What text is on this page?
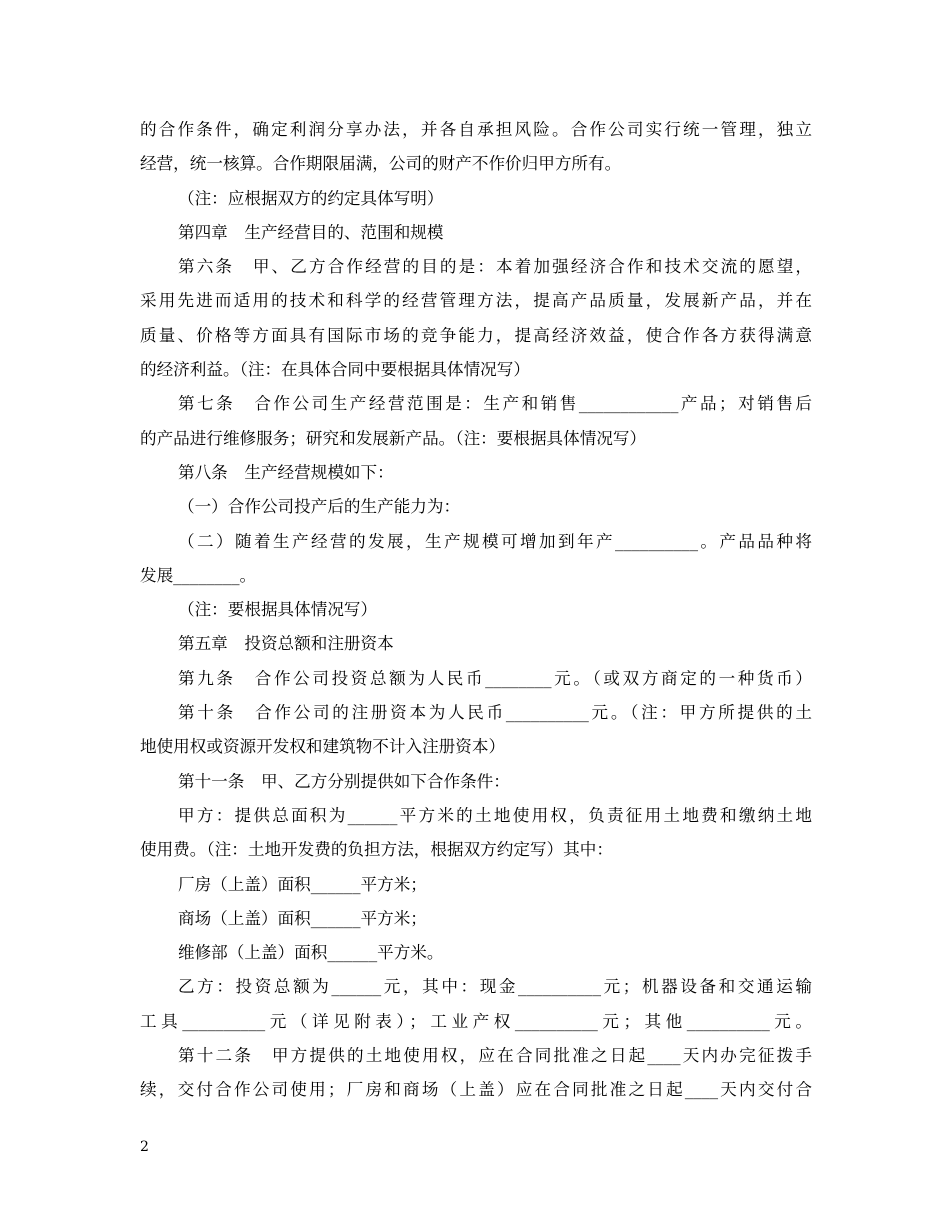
的合作条件，确定利润分享办法，并各自承担风险。合作公司实行统一管理，独立
经营，统一核算。合作期限届满，公司的财产不作价归甲方所有。
（注：应根据双方的约定具体写明）
第四章　生产经营目的、范围和规模
第六条　甲、乙方合作经营的目的是：本着加强经济合作和技术交流的愿望，
采用先进而适用的技术和科学的经营管理方法，提高产品质量，发展新产品，并在
质量、价格等方面具有国际市场的竞争能力，提高经济效益，使合作各方获得满意
的经济利益。（注：在具体合同中要根据具体情况写）
第七条　合作公司生产经营范围是：生产和销售____________产品；对销售后
的产品进行维修服务；研究和发展新产品。（注：要根据具体情况写）
第八条　生产经营规模如下：
（一）合作公司投产后的生产能力为：
（二）随着生产经营的发展，生产规模可增加到年产__________。产品品种将
发展________。
（注：要根据具体情况写）
第五章　投资总额和注册资本
第九条　合作公司投资总额为人民币________元。（或双方商定的一种货币）
第十条　合作公司的注册资本为人民币__________元。（注：甲方所提供的土
地使用权或资源开发权和建筑物不计入注册资本）
第十一条　甲、乙方分别提供如下合作条件：
甲方：提供总面积为______平方米的土地使用权，负责征用土地费和缴纳土地
使用费。（注：土地开发费的负担方法，根据双方约定写）其中：
厂房（上盖）面积______平方米；
商场（上盖）面积______平方米；
维修部（上盖）面积______平方米。
乙方：投资总额为______元，其中：现金__________元；机器设备和交通运输
工具__________元（详见附表）；工业产权__________元；其他__________元。
第十二条　甲方提供的土地使用权，应在合同批准之日起____天内办完征拨手
续，交付合作公司使用；厂房和商场（上盖）应在合同批准之日起____天内交付合
2
